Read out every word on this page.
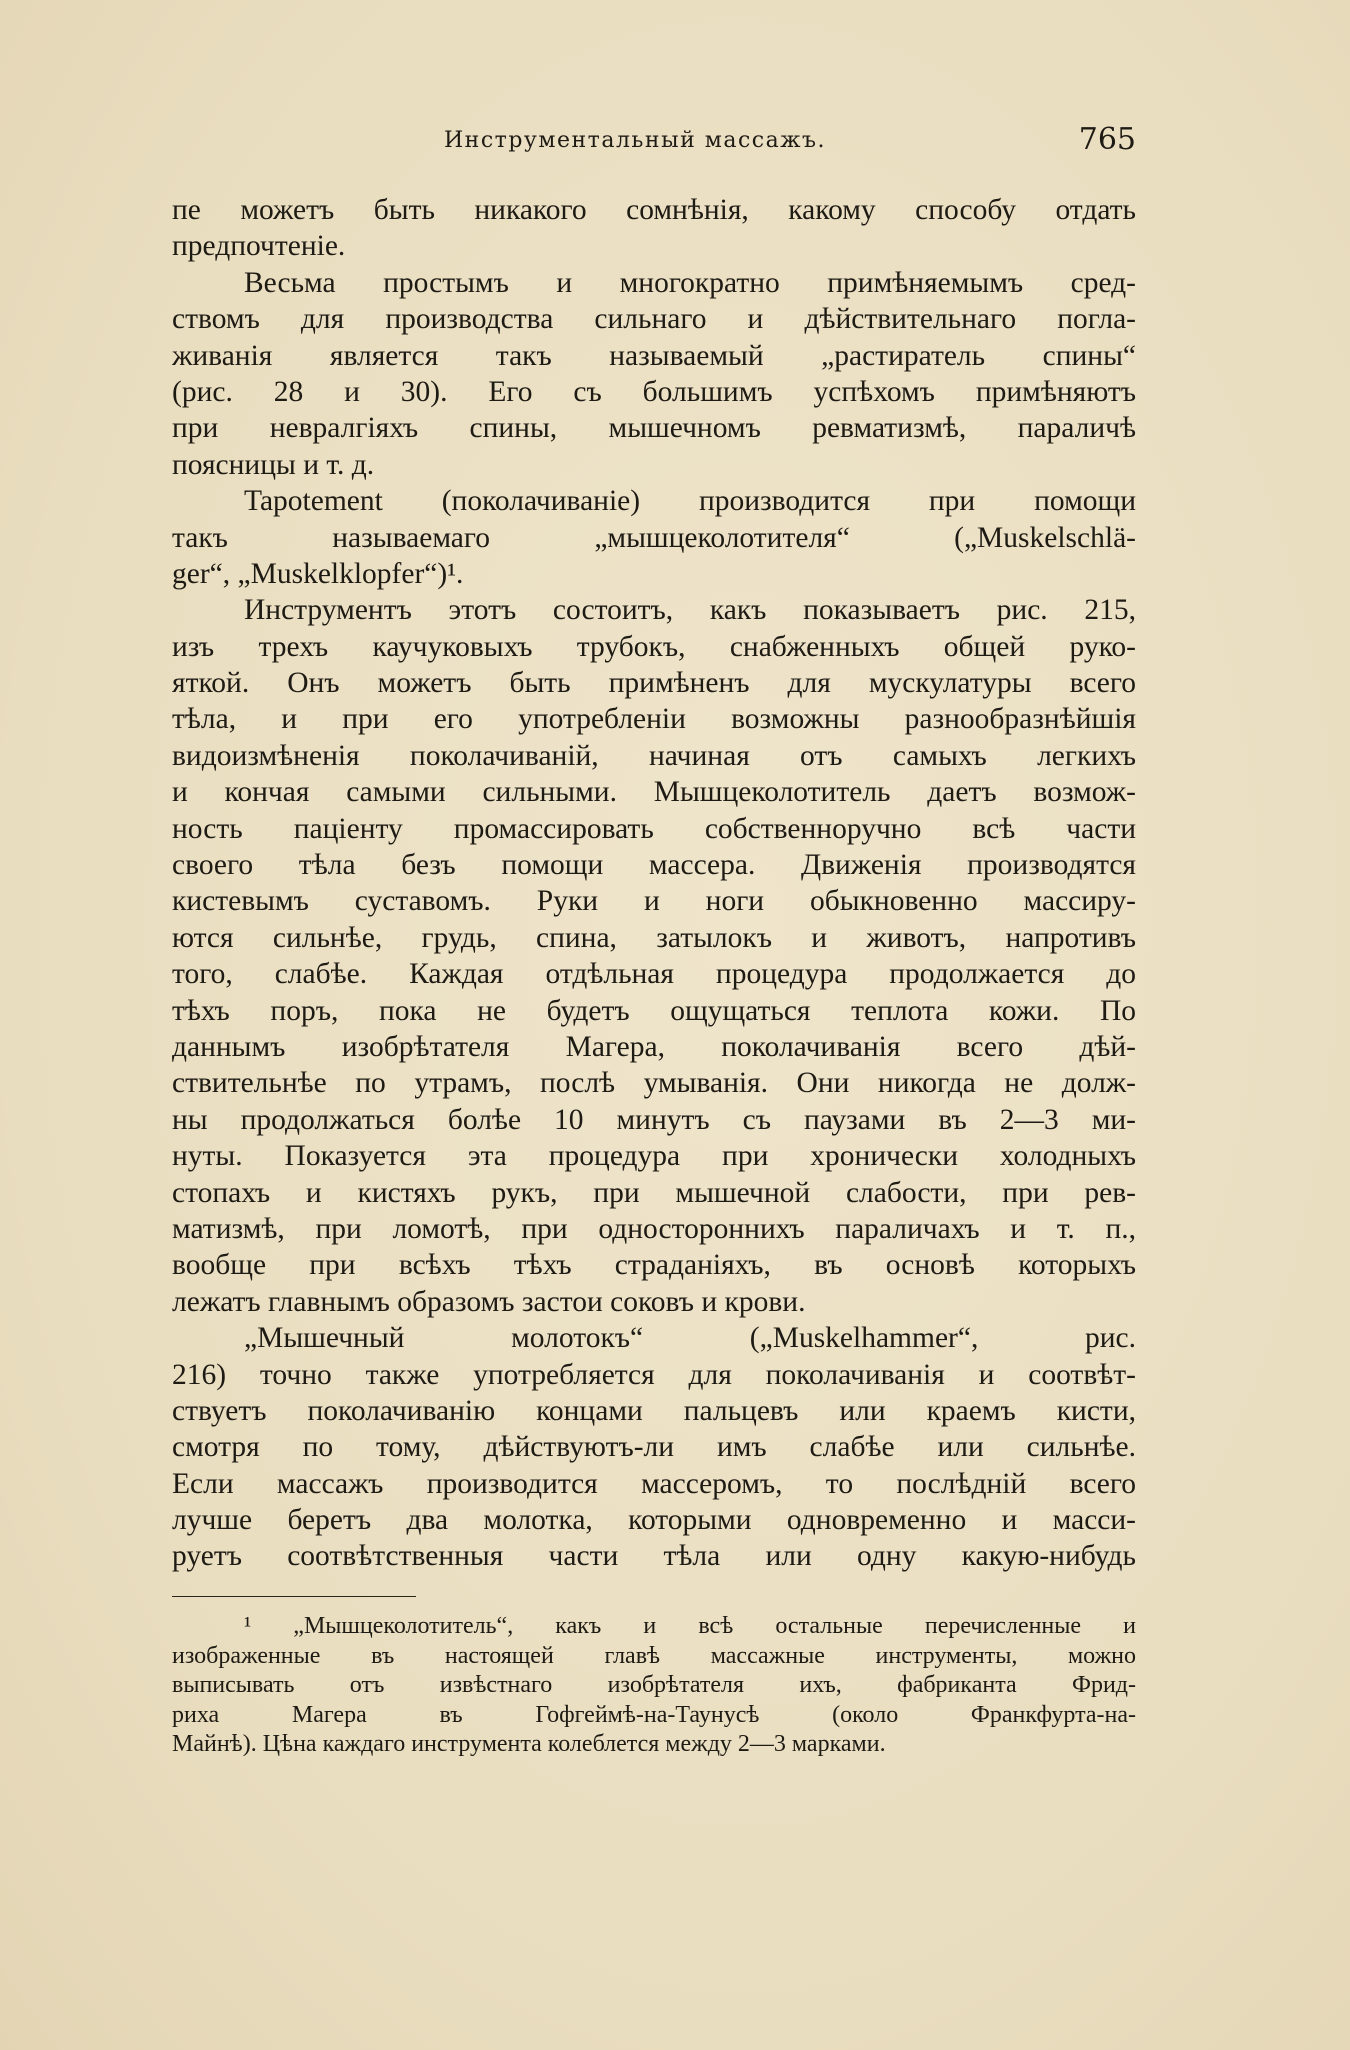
Инструментальный массажъ.	765
пе можетъ быть никакого сомнѣнія, какому способу отдать
предпочтеніе.
Весьма простымъ и многократно примѣняемымъ сред-
ствомъ для производства сильнаго и дѣйствительнаго погла-
живанія является такъ называемый „растиратель спины“
(рис. 28 и 30). Его съ большимъ успѣхомъ примѣняютъ
при невралгіяхъ спины, мышечномъ ревматизмѣ, параличѣ
поясницы и т. д.
Tapotement (поколачиваніе) производится при помощи
такъ называемаго „мышцеколотителя“ („Muskelschlä-
ger“, „Muskelklopfer“)¹.
Инструментъ этотъ состоитъ, какъ показываетъ рис. 215,
изъ трехъ каучуковыхъ трубокъ, снабженныхъ общей руко-
яткой. Онъ можетъ быть примѣненъ для мускулатуры всего
тѣла, и при его употребленіи возможны разнообразнѣйшія
видоизмѣненія поколачиваній, начиная отъ самыхъ легкихъ
и кончая самыми сильными. Мышцеколотитель даетъ возмож-
ность паціенту промассировать собственноручно всѣ части
своего тѣла безъ помощи массера. Движенія производятся
кистевымъ суставомъ. Руки и ноги обыкновенно массиру-
ются сильнѣе, грудь, спина, затылокъ и животъ, напротивъ
того, слабѣе. Каждая отдѣльная процедура продолжается до
тѣхъ поръ, пока не будетъ ощущаться теплота кожи. По
даннымъ изобрѣтателя Магера, поколачиванія всего дѣй-
ствительнѣе по утрамъ, послѣ умыванія. Они никогда не долж-
ны продолжаться болѣе 10 минутъ съ паузами въ 2—3 ми-
нуты. Показуется эта процедура при хронически холодныхъ
стопахъ и кистяхъ рукъ, при мышечной слабости, при рев-
матизмѣ, при ломотѣ, при одностороннихъ параличахъ и т. п.,
вообще при всѣхъ тѣхъ страданіяхъ, въ основѣ которыхъ
лежатъ главнымъ образомъ застои соковъ и крови.
„Мышечный молотокъ“ („Muskelhammer“, рис.
216) точно также употребляется для поколачиванія и соотвѣт-
ствуетъ поколачиванію концами пальцевъ или краемъ кисти,
смотря по тому, дѣйствуютъ-ли имъ слабѣе или сильнѣе.
Если массажъ производится массеромъ, то послѣдній всего
лучше беретъ два молотка, которыми одновременно и масси-
руетъ соотвѣтственныя части тѣла или одну какую-нибудь
¹ „Мышцеколотитель“, какъ и всѣ остальные перечисленные и
изображенные въ настоящей главѣ массажные инструменты, можно
выписывать отъ извѣстнаго изобрѣтателя ихъ, фабриканта Фрид-
риха Магера въ Гофгеймѣ-на-Таунусѣ (около Франкфурта-на-
Майнѣ). Цѣна каждаго инструмента колеблется между 2—3 марками.
